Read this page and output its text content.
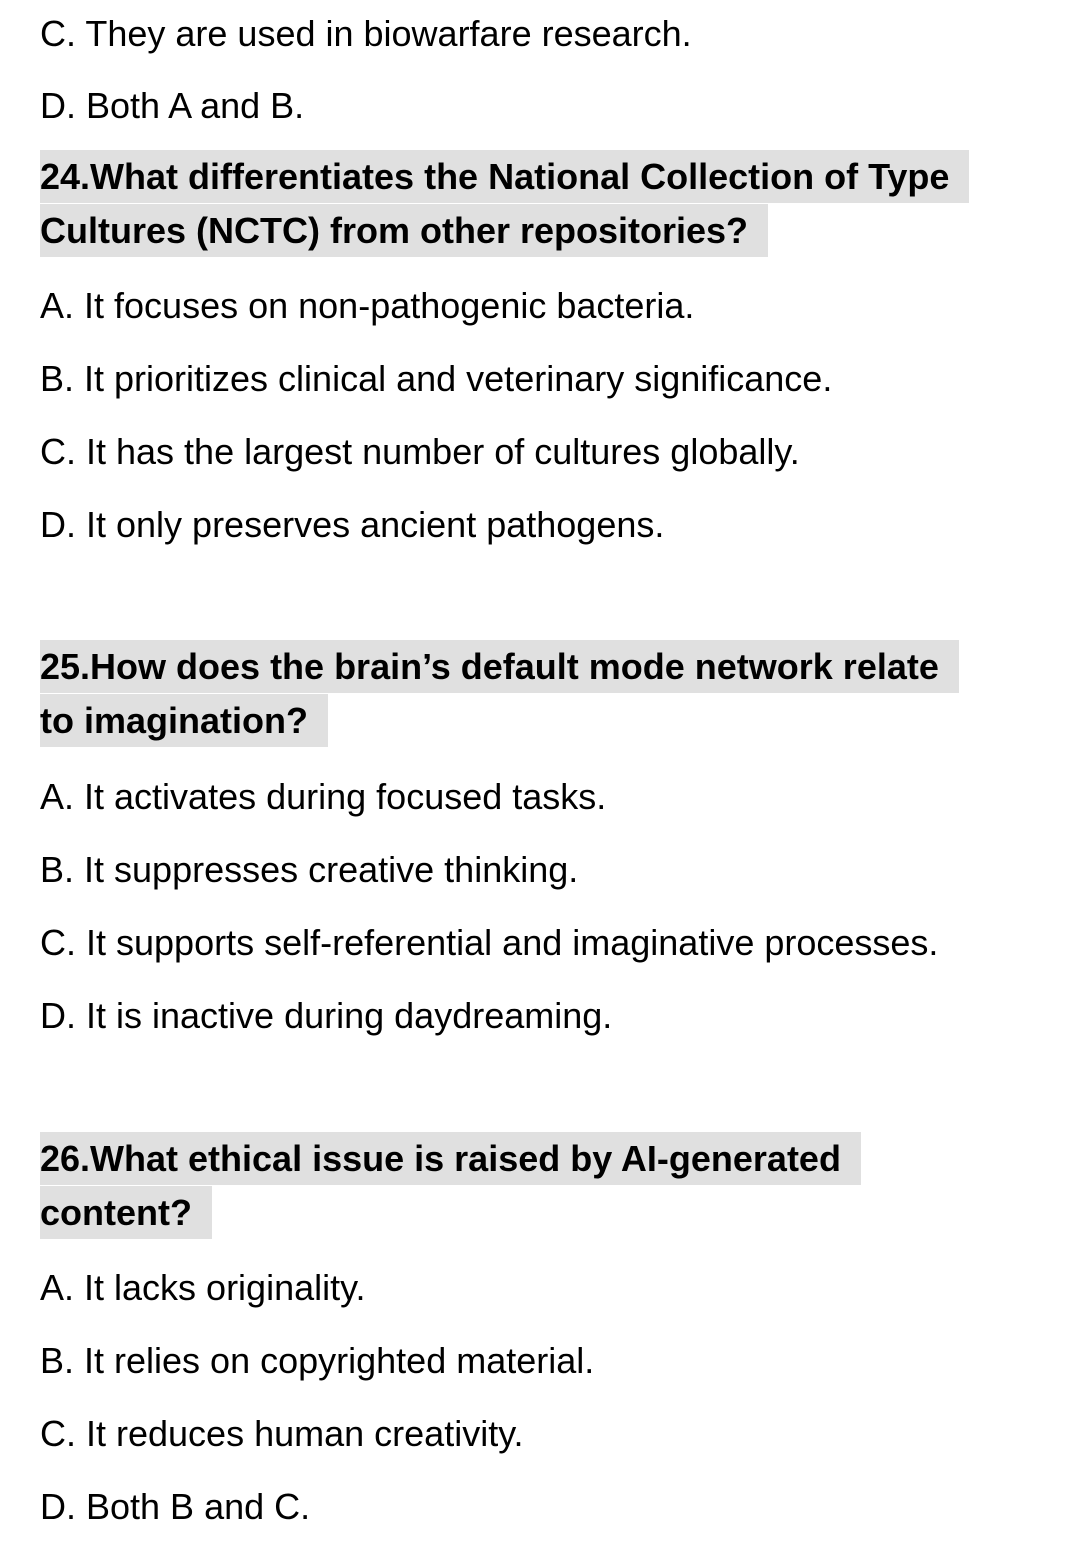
C. They are used in biowarfare research.
D. Both A and B.
24.What differentiates the National Collection of Type
Cultures (NCTC) from other repositories?
A. It focuses on non-pathogenic bacteria.
B. It prioritizes clinical and veterinary significance.
C. It has the largest number of cultures globally.
D. It only preserves ancient pathogens.
25.How does the brain’s default mode network relate
to imagination?
A. It activates during focused tasks.
B. It suppresses creative thinking.
C. It supports self-referential and imaginative processes.
D. It is inactive during daydreaming.
26.What ethical issue is raised by AI-generated
content?
A. It lacks originality.
B. It relies on copyrighted material.
C. It reduces human creativity.
D. Both B and C.
